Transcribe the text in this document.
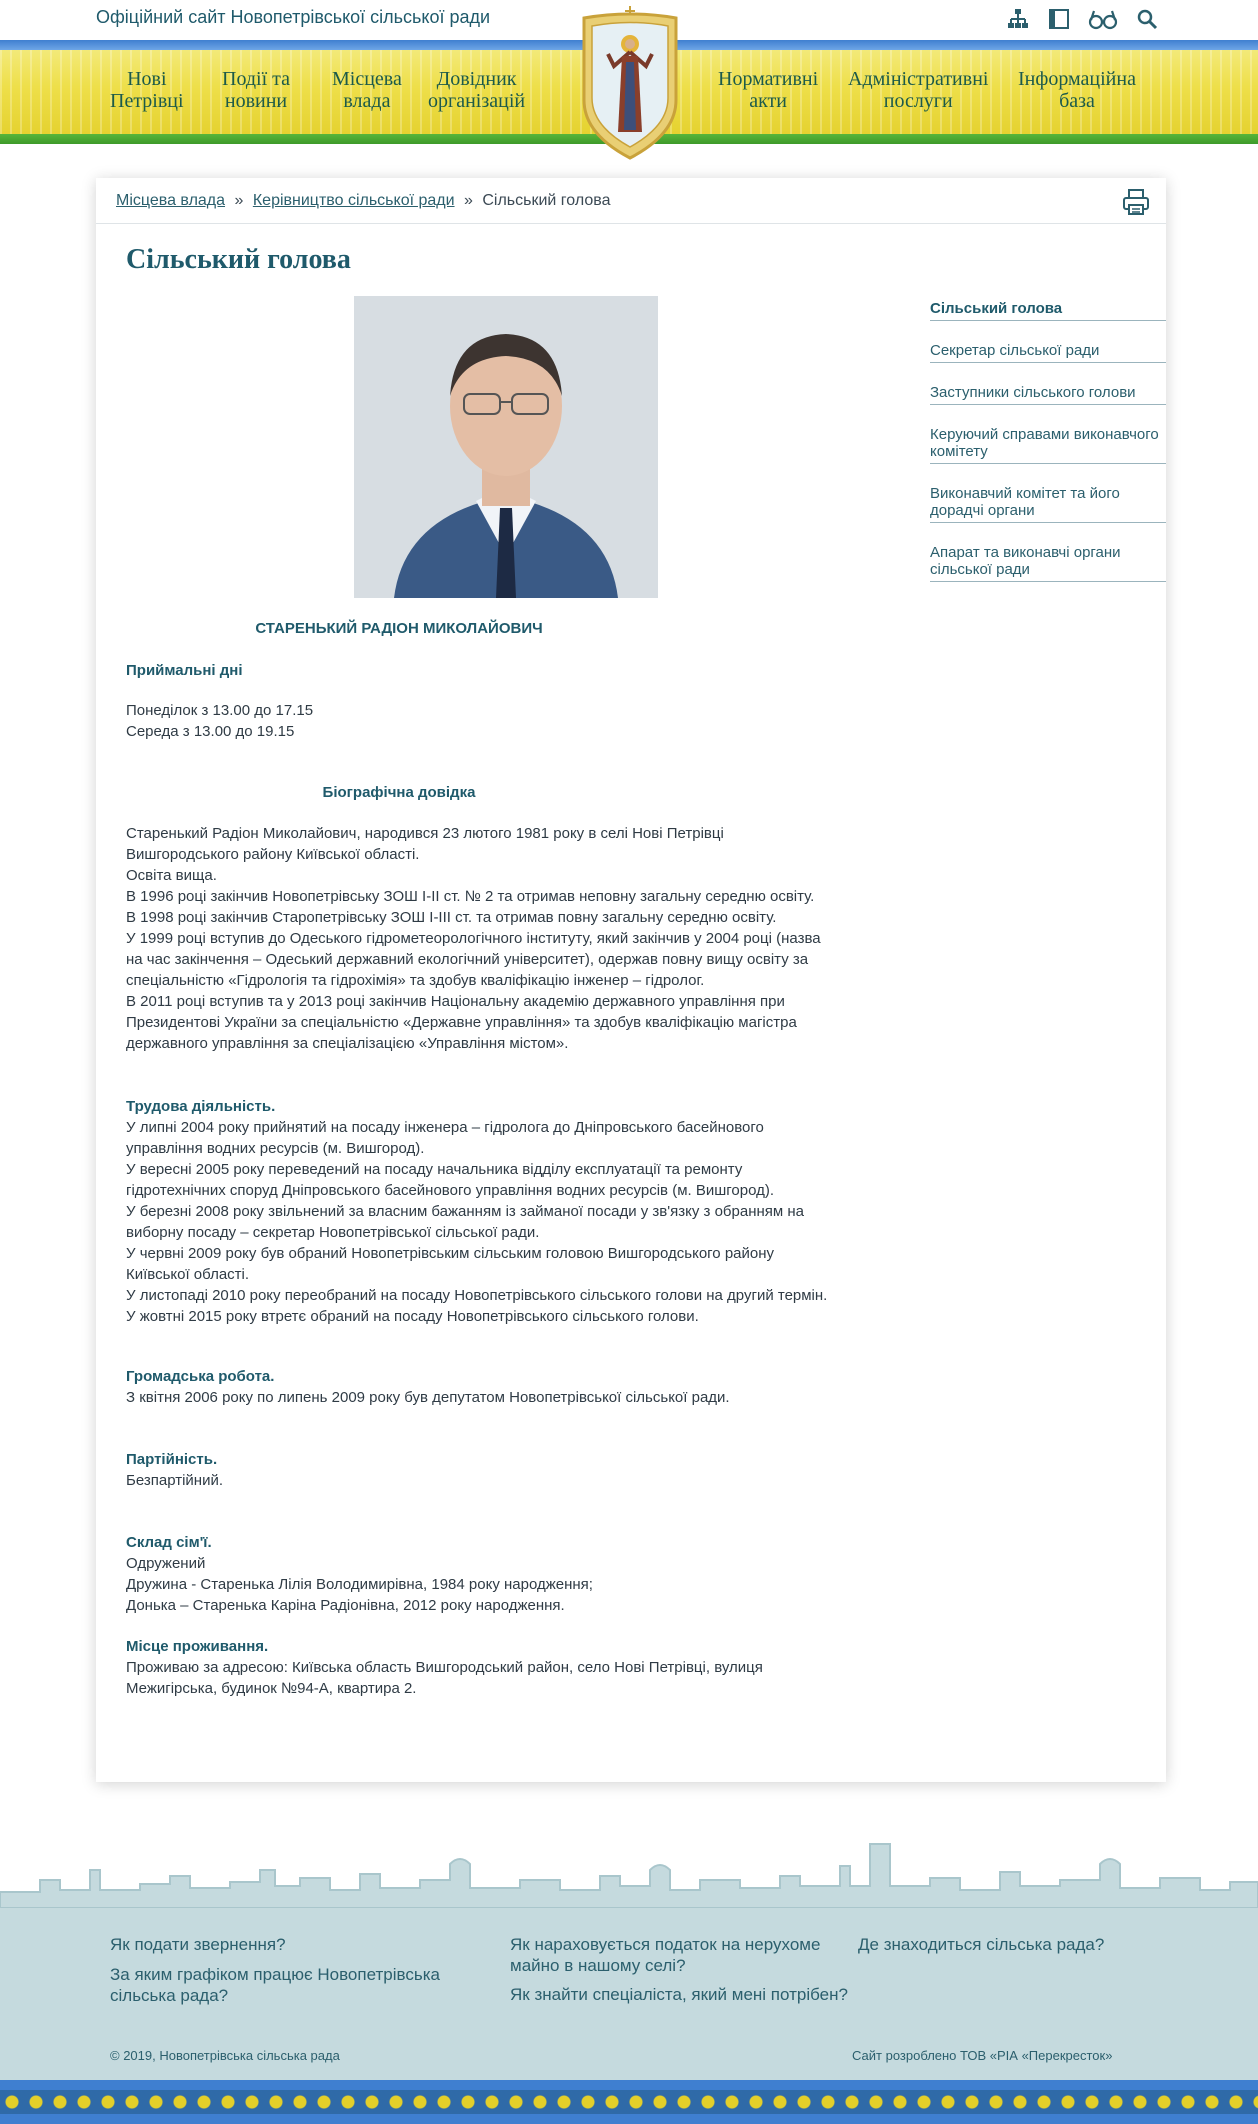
Офіційний сайт Новопетрівської сільської ради
Нові
Петрівці
Події та
новини
Місцева
влада
Довідник
організацій
Нормативні
акти
Адміністративні
послуги
Інформаційна
база
Місцева влада » Керівництво сільської ради » Сільський голова
Сільський голова
СТАРЕНЬКИЙ РАДІОН МИКОЛАЙОВИЧ
Приймальні дні
Понеділок з 13.00 до 17.15
Середа з 13.00 до 19.15
Біографічна довідка
Старенький Радіон Миколайович, народився 23 лютого 1981 року в селі Нові Петрівці
Вишгородського району Київської області.
Освіта вища.
В 1996 році закінчив Новопетрівську ЗОШ І-ІІ ст. № 2 та отримав неповну загальну середню освіту.
В 1998 році закінчив Старопетрівську ЗОШ І-ІІІ ст. та отримав повну загальну середню освіту.
У 1999 році вступив до Одеського гідрометеорологічного інституту, який закінчив у 2004 році (назва
на час закінчення – Одеський державний екологічний університет), одержав повну вищу освіту за
спеціальністю «Гідрологія та гідрохімія» та здобув кваліфікацію інженер – гідролог.
В 2011 році вступив та у 2013 році закінчив Національну академію державного управління при
Президентові України за спеціальністю «Державне управління» та здобув кваліфікацію магістра
державного управління за спеціалізацією «Управління містом».
Трудова діяльність.
У липні 2004 року прийнятий на посаду інженера – гідролога до Дніпровського басейнового
управління водних ресурсів (м. Вишгород).
У вересні 2005 року переведений на посаду начальника відділу експлуатації та ремонту
гідротехнічних споруд Дніпровського басейнового управління водних ресурсів (м. Вишгород).
У березні 2008 року звільнений за власним бажанням із займаної посади у зв'язку з обранням на
виборну посаду – секретар Новопетрівської сільської ради.
У червні 2009 року був обраний Новопетрівським сільським головою Вишгородського району
Київської області.
У листопаді 2010 року переобраний на посаду Новопетрівського сільського голови на другий термін.
У жовтні 2015 року втретє обраний на посаду Новопетрівського сільського голови.
Громадська робота.
З квітня 2006 року по липень 2009 року був депутатом Новопетрівської сільської ради.
Партійність.
Безпартійний.
Склад сім'ї.
Одружений
Дружина - Старенька Лілія Володимирівна, 1984 року народження;
Донька – Старенька Каріна Радіонівна, 2012 року народження.
Місце проживання.
Проживаю за адресою: Київська область Вишгородський район, село Нові Петрівці, вулиця
Межигірська, будинок №94-А, квартира 2.
Сільський голова
Секретар сільської ради
Заступники сільського голови
Керуючий справами виконавчого комітету
Виконавчий комітет та його дорадчі органи
Апарат та виконавчі органи сільської ради
Як подати звернення?
За яким графіком працює Новопетрівська сільська рада?
Як нараховується податок на нерухоме майно в нашому селі?
Як знайти спеціаліста, який мені потрібен?
Де знаходиться сільська рада?
© 2019, Новопетрівська сільська рада	Сайт розроблено ТОВ «РІА «Перекресток»
